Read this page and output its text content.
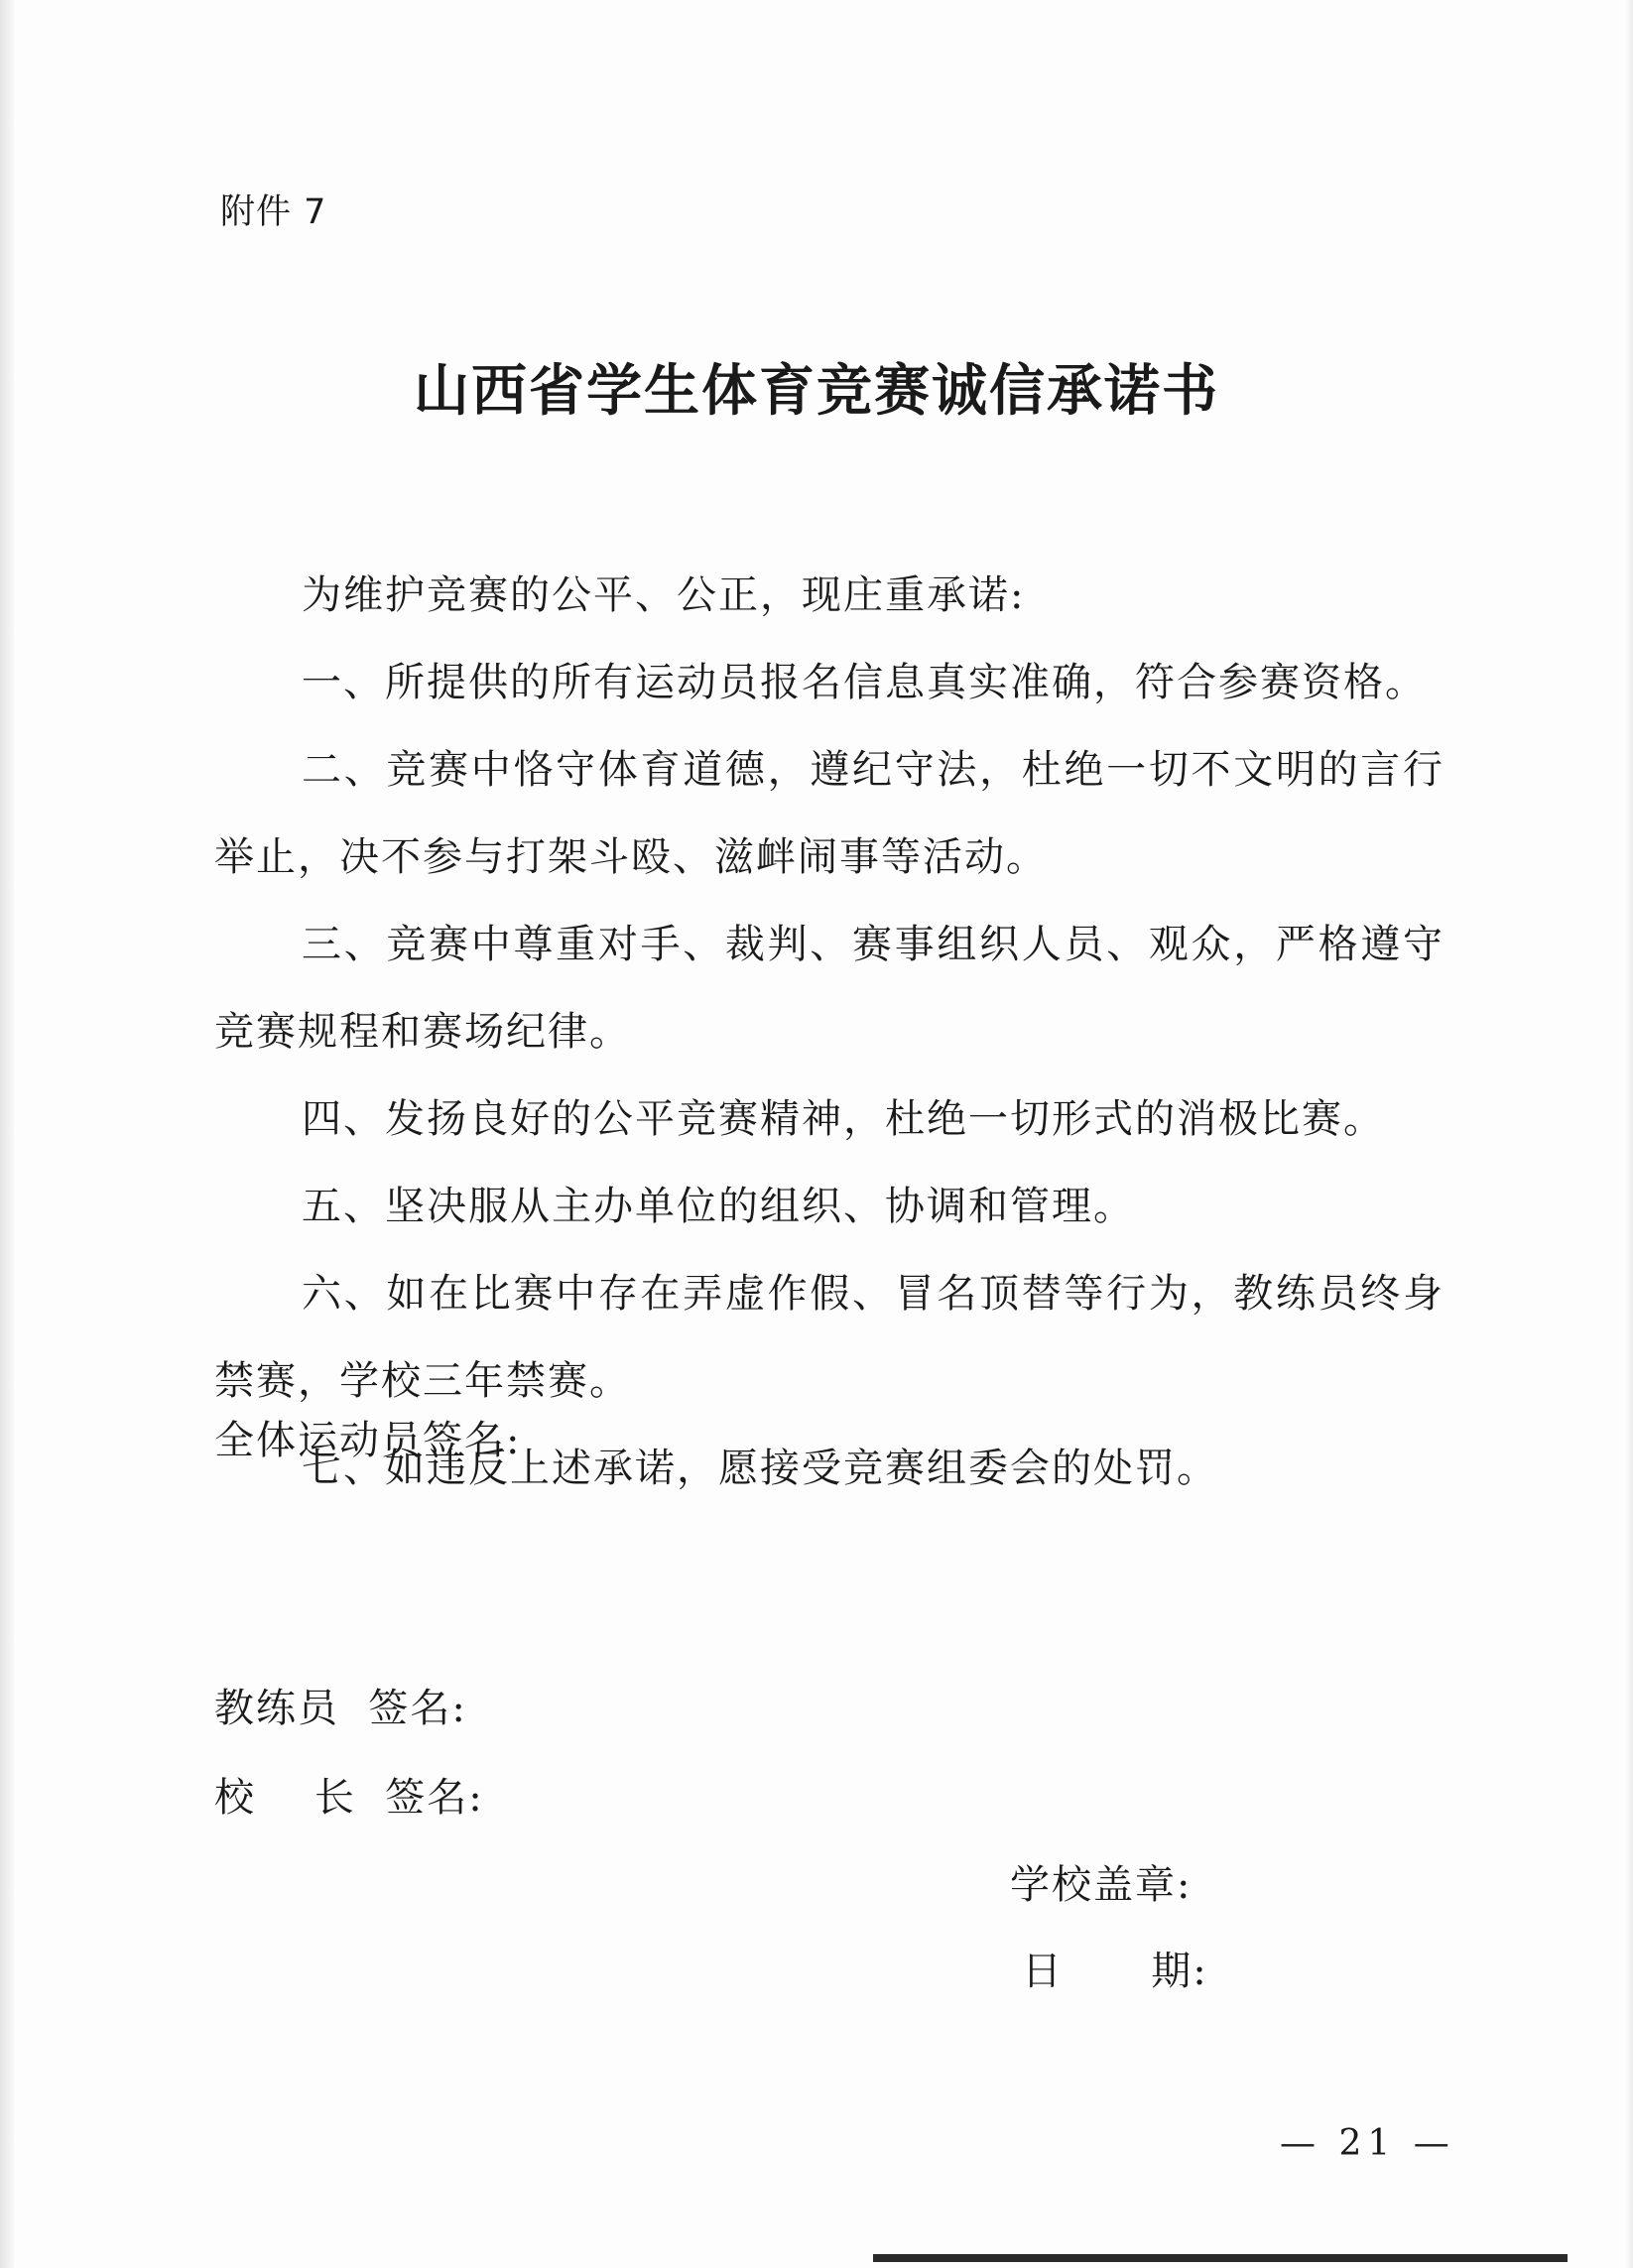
附件 7
山西省学生体育竞赛诚信承诺书

为维护竞赛的公平、公正，现庄重承诺:

一、所提供的所有运动员报名信息真实准确，符合参赛资格。

二、竞赛中恪守体育道德，遵纪守法，杜绝一切不文明的言行举止，决不参与打架斗殴、滋衅闹事等活动。

三、竞赛中尊重对手、裁判、赛事组织人员、观众，严格遵守竞赛规程和赛场纪律。

四、发扬良好的公平竞赛精神，杜绝一切形式的消极比赛。

五、坚决服从主办单位的组织、协调和管理。

六、如在比赛中存在弄虚作假、冒名顶替等行为，教练员终身禁赛，学校三年禁赛。

七、如违反上述承诺，愿接受竞赛组委会的处罚。

全体运动员签名:
教练员  签名:
校    长  签名:
学校盖章:
日      期:
— 21 —
